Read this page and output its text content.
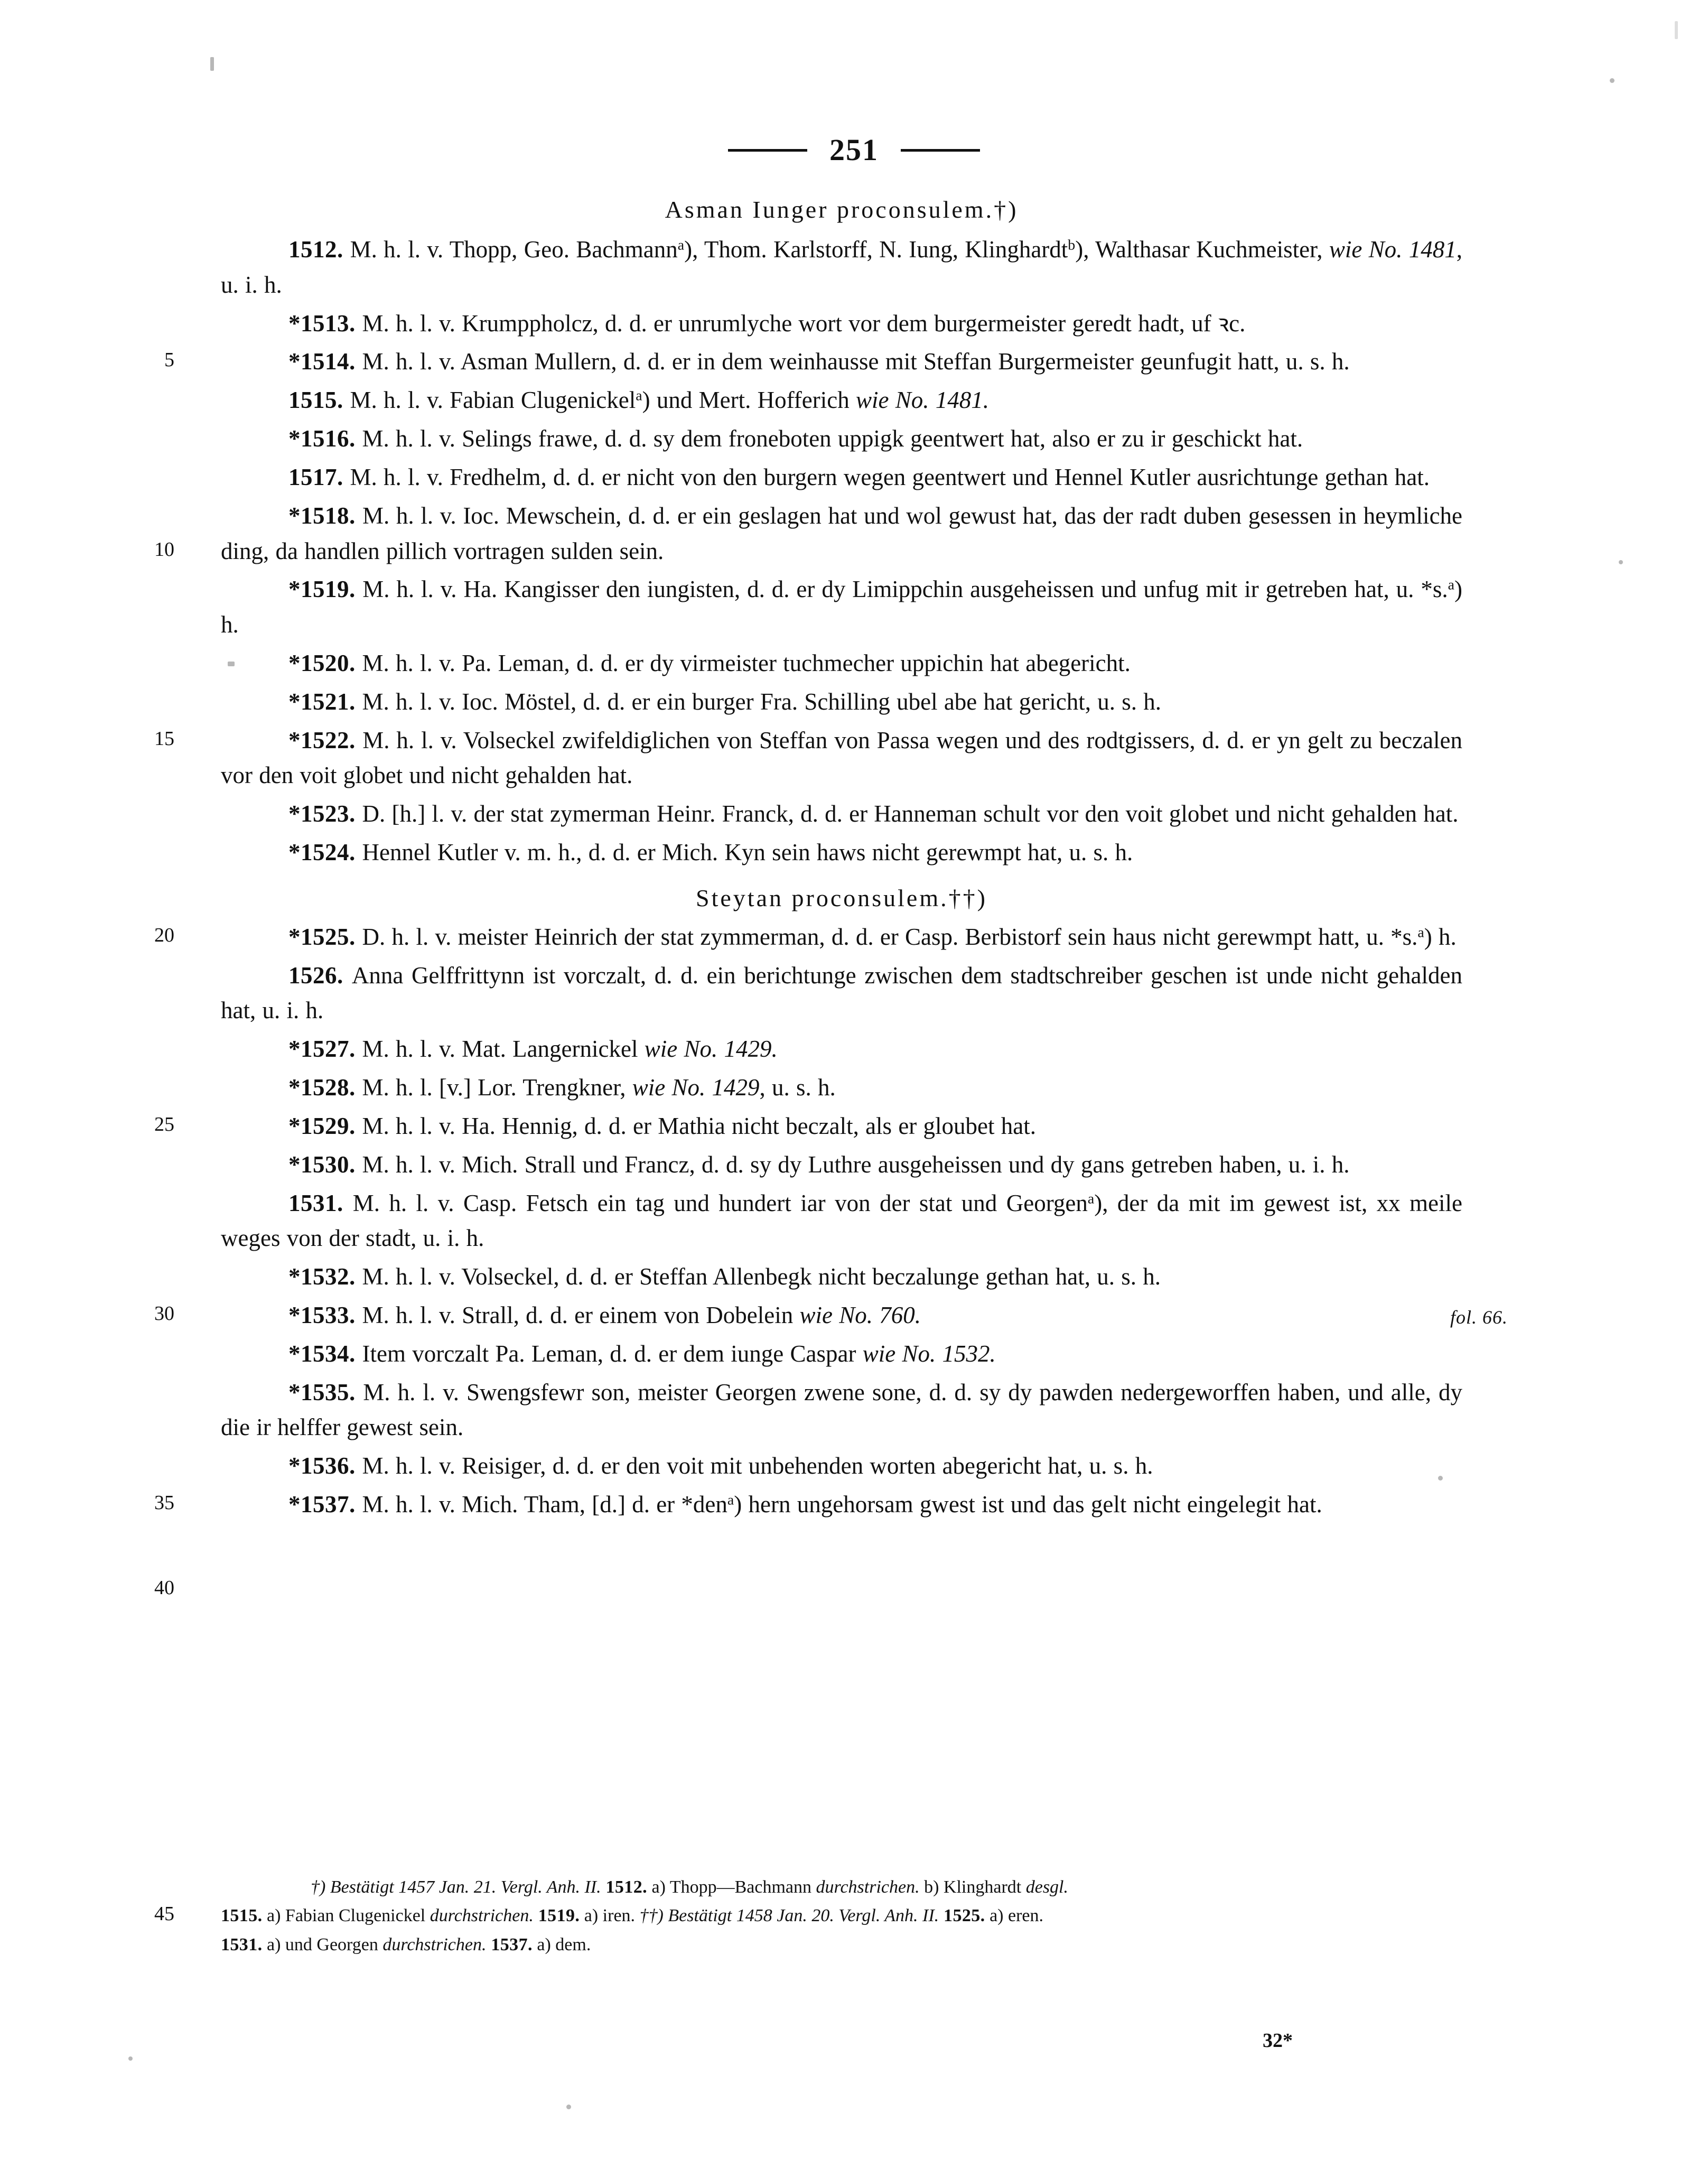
251
fol. 66.
Asman Iunger proconsulem.†)

1512. M. h. l. v. Thopp, Geo. Bachmann$^a$), Thom. Karlstorff, N. Iung, Klinghardt$^b$), Walthasar Kuchmeister, wie No. 1481, u. i. h.

*1513. M. h. l. v. Krumppholcz, d. d. er unrumlyche wort vor dem burgermeister geredt hadt, uf ꝛc.

*1514. M. h. l. v. Asman Mullern, d. d. er in dem weinhausse mit Steffan Burgermeister geunfugit hatt, u. s. h.

1515. M. h. l. v. Fabian Clugenickel$^a$) und Mert. Hofferich wie No. 1481.

*1516. M. h. l. v. Selings frawe, d. d. sy dem froneboten uppigk geentwert hat, also er zu ir geschickt hat.

1517. M. h. l. v. Fredhelm, d. d. er nicht von den burgern wegen geentwert und Hennel Kutler ausrichtunge gethan hat.

*1518. M. h. l. v. Ioc. Mewschein, d. d. er ein geslagen hat und wol gewust hat, das der radt duben gesessen in heymliche ding, da handlen pillich vortragen sulden sein.

*1519. M. h. l. v. Ha. Kangisser den iungisten, d. d. er dy Limippchin ausgeheissen und unfug mit ir getreben hat, u. *s.$^a$) h.

*1520. M. h. l. v. Pa. Leman, d. d. er dy virmeister tuchmecher uppichin hat abegericht.

*1521. M. h. l. v. Ioc. Möstel, d. d. er ein burger Fra. Schilling ubel abe hat gericht, u. s. h.

*1522. M. h. l. v. Volseckel zwifeldiglichen von Steffan von Passa wegen und des rodtgissers, d. d. er yn gelt zu beczalen vor den voit globet und nicht gehalden hat.

*1523. D. [h.] l. v. der stat zymerman Heinr. Franck, d. d. er Hanneman schult vor den voit globet und nicht gehalden hat.

*1524. Hennel Kutler v. m. h., d. d. er Mich. Kyn sein haws nicht gerewmpt hat, u. s. h.

Steytan proconsulem.††)

*1525. D. h. l. v. meister Heinrich der stat zymmerman, d. d. er Casp. Berbistorf sein haus nicht gerewmpt hatt, u. *s.$^a$) h.

1526. Anna Gelffrittynn ist vorczalt, d. d. ein berichtunge zwischen dem stadtschreiber geschen ist unde nicht gehalden hat, u. i. h.

*1527. M. h. l. v. Mat. Langernickel wie No. 1429.

*1528. M. h. l. [v.] Lor. Trengkner, wie No. 1429, u. s. h.

*1529. M. h. l. v. Ha. Hennig, d. d. er Mathia nicht beczalt, als er gloubet hat.

*1530. M. h. l. v. Mich. Strall und Francz, d. d. sy dy Luthre ausgeheissen und dy gans getreben haben, u. i. h.

1531. M. h. l. v. Casp. Fetsch ein tag und hundert iar von der stat und Georgen$^a$), der da mit im gewest ist, xx meile weges von der stadt, u. i. h.

*1532. M. h. l. v. Volseckel, d. d. er Steffan Allenbegk nicht beczalunge gethan hat, u. s. h.

*1533. M. h. l. v. Strall, d. d. er einem von Dobelein wie No. 760.

*1534. Item vorczalt Pa. Leman, d. d. er dem iunge Caspar wie No. 1532.

*1535. M. h. l. v. Swengsfewr son, meister Georgen zwene sone, d. d. sy dy pawden nedergeworffen haben, und alle, dy die ir helffer gewest sein.

*1536. M. h. l. v. Reisiger, d. d. er den voit mit unbehenden worten abegericht hat, u. s. h.

*1537. M. h. l. v. Mich. Tham, [d.] d. er *den$^a$) hern ungehorsam gwest ist und das gelt nicht eingelegit hat.

5
10
15
20
25
30
35
40
45

†) Bestätigt 1457 Jan. 21. Vergl. Anh. II. 1512. a) Thopp—Bachmann durchstrichen. b) Klinghardt desgl.

1515. a) Fabian Clugenickel durchstrichen. 1519. a) iren. ††) Bestätigt 1458 Jan. 20. Vergl. Anh. II. 1525. a) eren.

1531. a) und Georgen durchstrichen. 1537. a) dem.

32*
